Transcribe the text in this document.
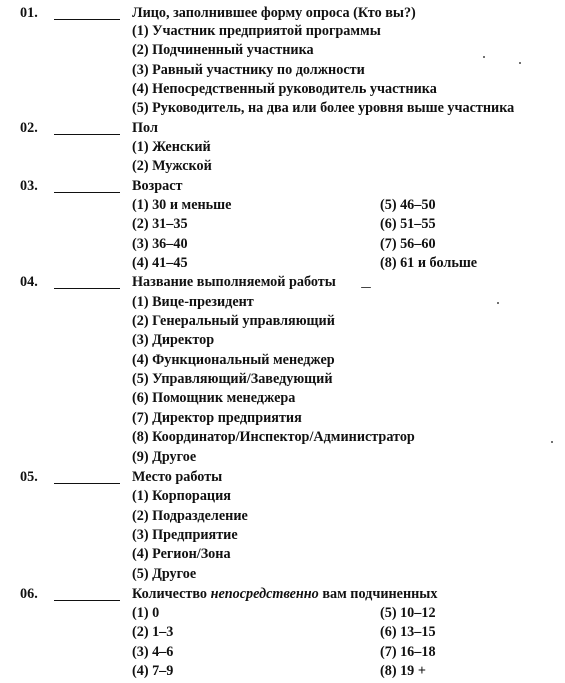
01.	Лицо, заполнившее форму опроса (Кто вы?)
(1) Участник предприятой программы
(2) Подчиненный участника
(3) Равный участнику по должности
(4) Непосредственный руководитель участника
(5) Руководитель, на два или более уровня выше участника
02.	Пол
(1) Женский
(2) Мужской
03.	Возраст
(1) 30 и меньше	(5) 46–50
(2) 31–35	(6) 51–55
(3) 36–40	(7) 56–60
(4) 41–45	(8) 61 и больше
04.	Название выполняемой работы
(1) Вице-президент
(2) Генеральный управляющий
(3) Директор
(4) Функциональный менеджер
(5) Управляющий/Заведующий
(6) Помощник менеджера
(7) Директор предприятия
(8) Координатор/Инспектор/Администратор
(9) Другое
05.	Место работы
(1) Корпорация
(2) Подразделение
(3) Предприятие
(4) Регион/Зона
(5) Другое
06.	Количество непосредственно вам подчиненных
(1) 0	(5) 10–12
(2) 1–3	(6) 13–15
(3) 4–6	(7) 16–18
(4) 7–9	(8) 19 +
